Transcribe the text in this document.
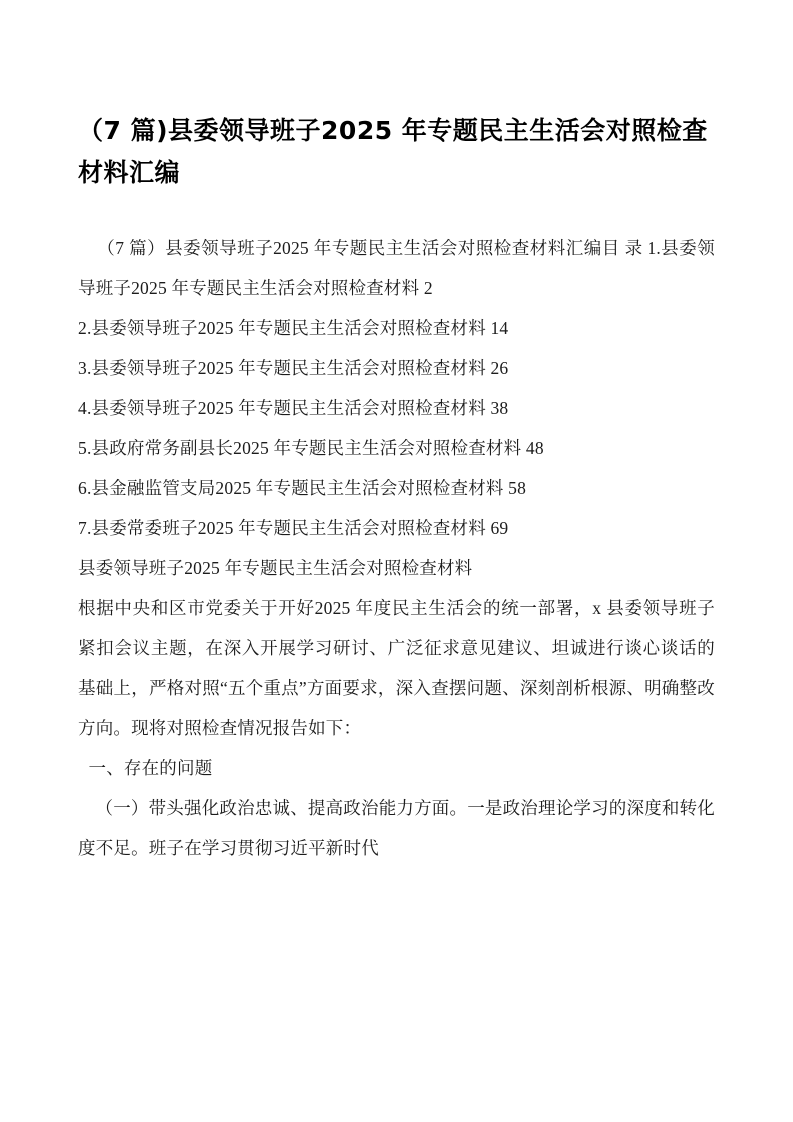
（7 篇)县委领导班子2025 年专题民主生活会对照检查材料汇编

（7 篇）县委领导班子2025 年专题民主生活会对照检查材料汇编目 录 1.县委领导班子2025 年专题民主生活会对照检查材料 2

2.县委领导班子2025 年专题民主生活会对照检查材料 14

3.县委领导班子2025 年专题民主生活会对照检查材料 26

4.县委领导班子2025 年专题民主生活会对照检查材料 38

5.县政府常务副县长2025 年专题民主生活会对照检查材料 48

6.县金融监管支局2025 年专题民主生活会对照检查材料 58

7.县委常委班子2025 年专题民主生活会对照检查材料 69

县委领导班子2025 年专题民主生活会对照检查材料

根据中央和区市党委关于开好2025 年度民主生活会的统一部署，x 县委领导班子紧扣会议主题，在深入开展学习研讨、广泛征求意见建议、坦诚进行谈心谈话的基础上，严格对照“五个重点”方面要求，深入查摆问题、深刻剖析根源、明确整改方向。现将对照检查情况报告如下：

一、存在的问题

（一）带头强化政治忠诚、提高政治能力方面。一是政治理论学习的深度和转化度不足。班子在学习贯彻习近平新时代
